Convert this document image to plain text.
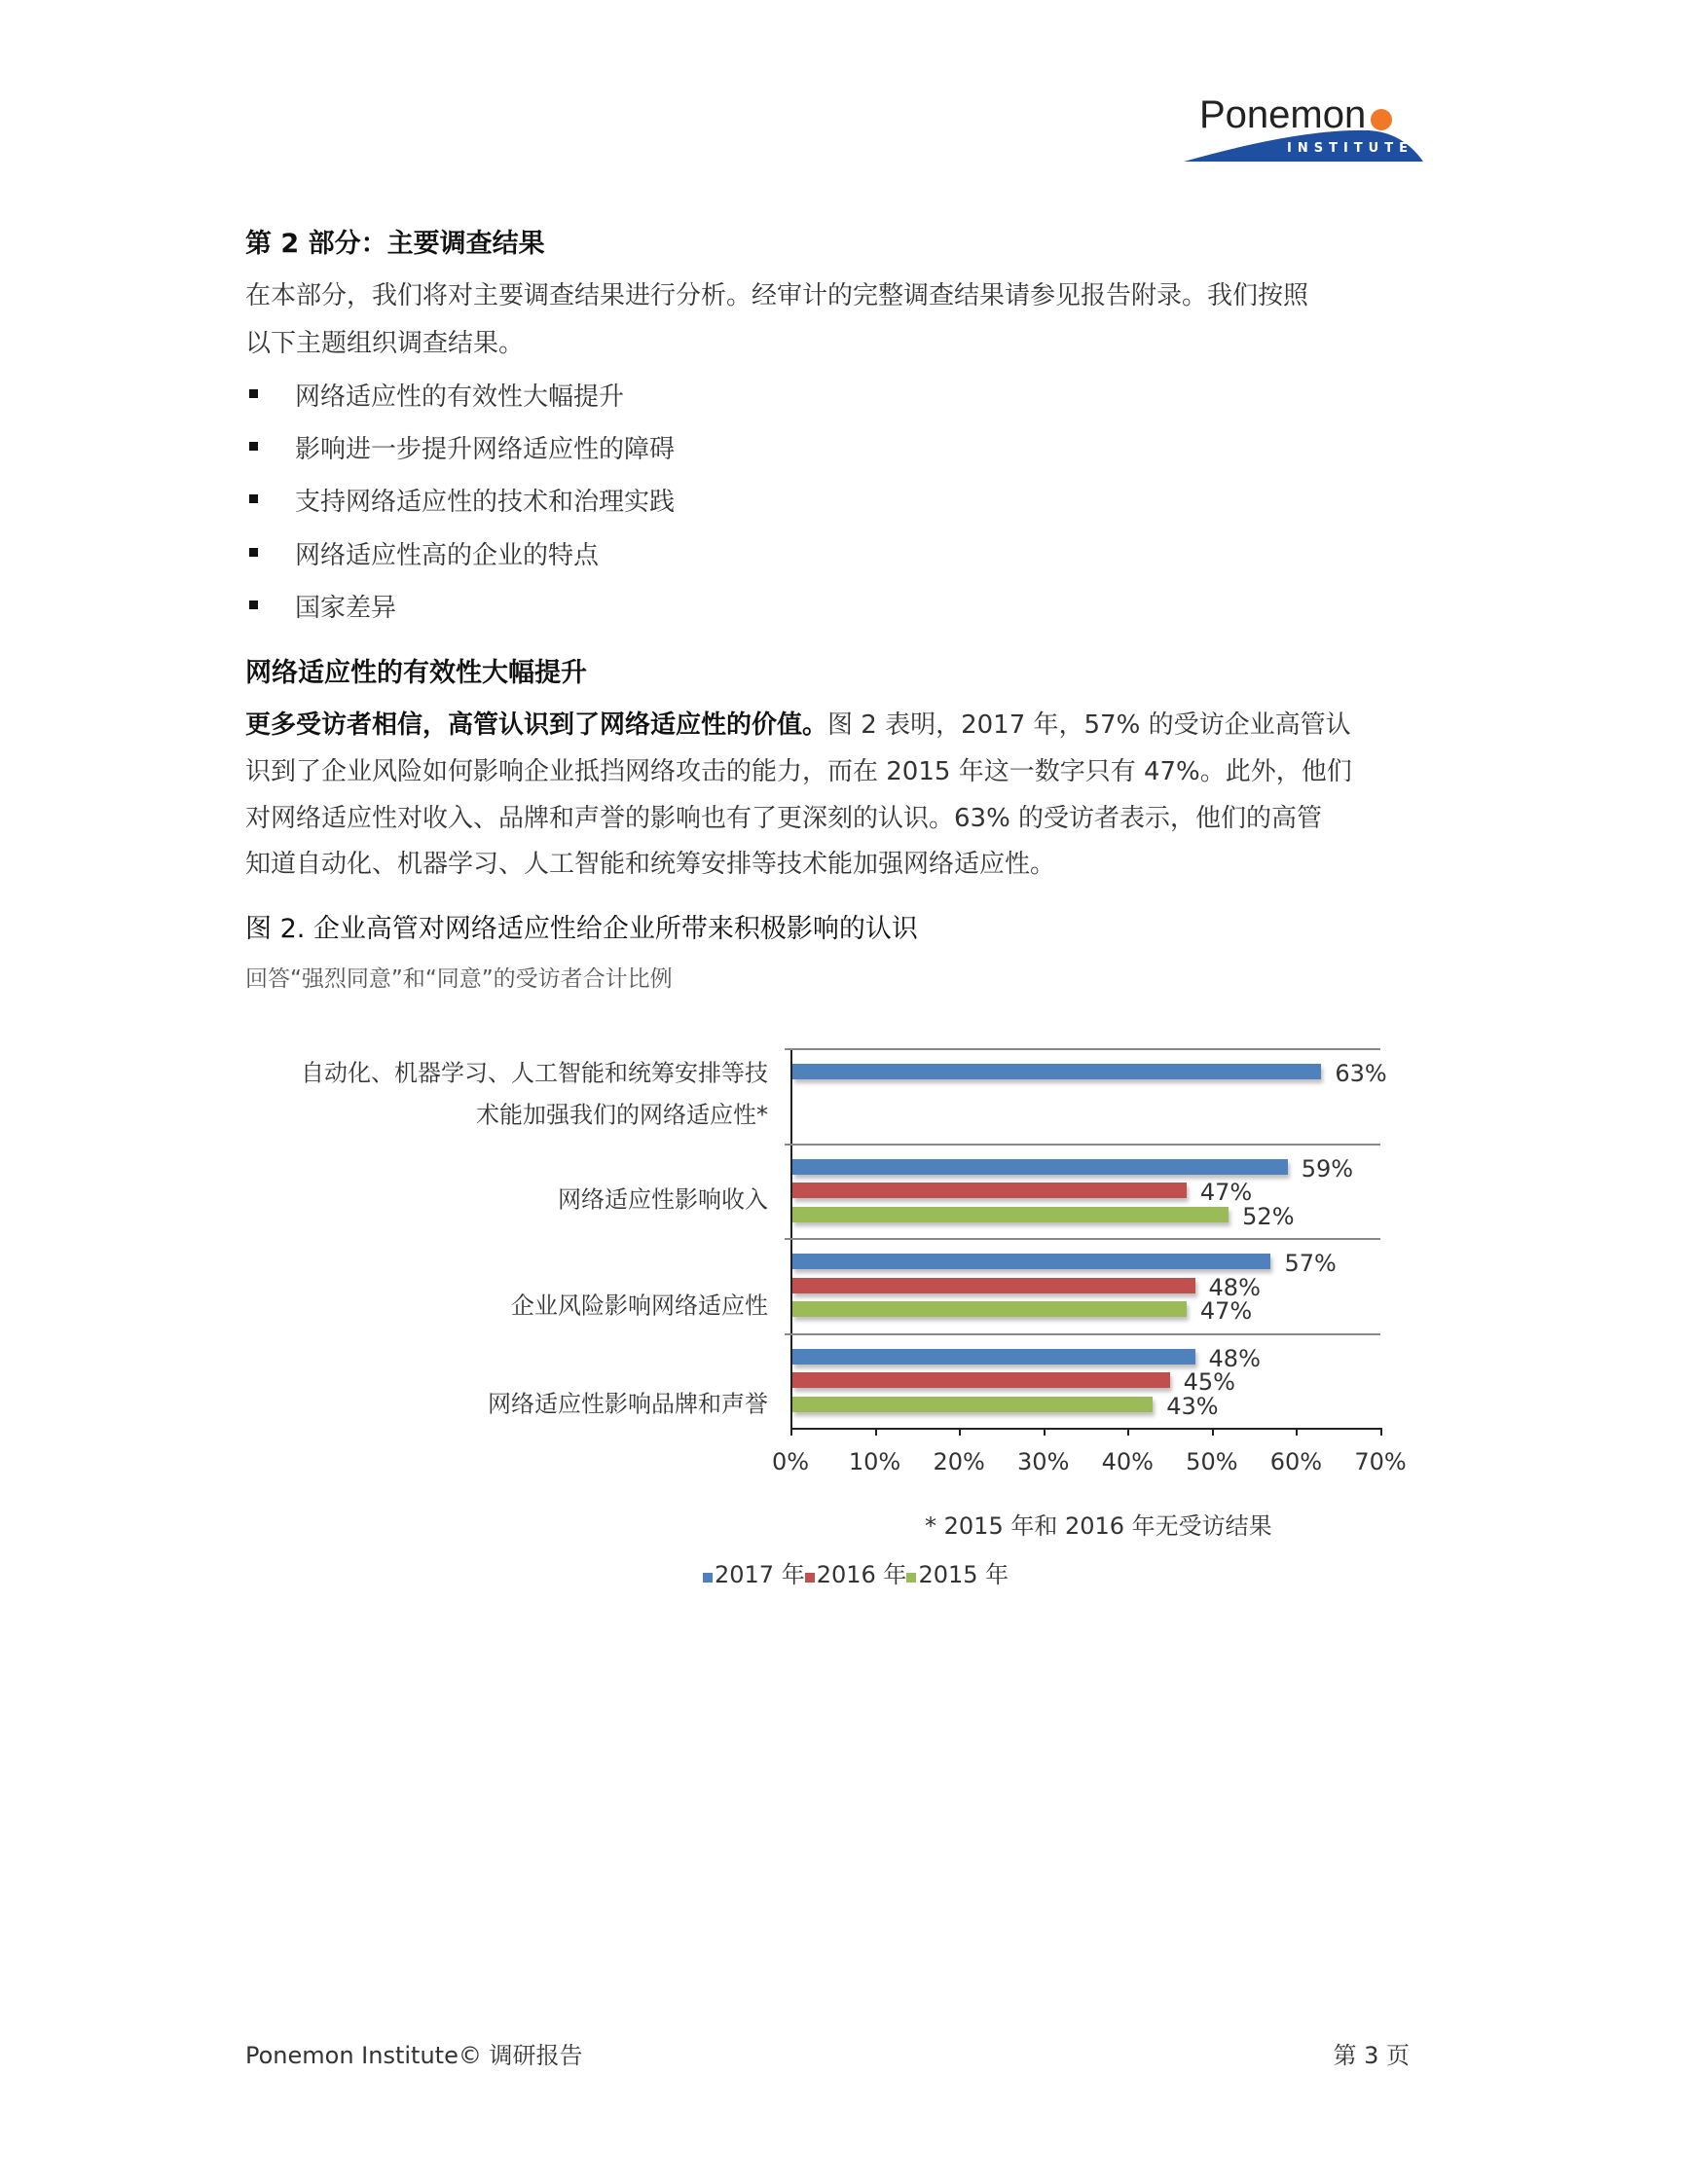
Ponemon
INSTITUTE
第 2 部分：主要调查结果
在本部分，我们将对主要调查结果进行分析。经审计的完整调查结果请参见报告附录。我们按照
以下主题组织调查结果。
网络适应性的有效性大幅提升
影响进一步提升网络适应性的障碍
支持网络适应性的技术和治理实践
网络适应性高的企业的特点
国家差异
网络适应性的有效性大幅提升
更多受访者相信，高管认识到了网络适应性的价值。图 2 表明，2017 年，57% 的受访企业高管认
识到了企业风险如何影响企业抵挡网络攻击的能力，而在 2015 年这一数字只有 47%。此外，他们
对网络适应性对收入、品牌和声誉的影响也有了更深刻的认识。63% 的受访者表示，他们的高管
知道自动化、机器学习、人工智能和统筹安排等技术能加强网络适应性。
图 2. 企业高管对网络适应性给企业所带来积极影响的认识
回答“强烈同意”和“同意”的受访者合计比例
自动化、机器学习、人工智能和统筹安排等技
术能加强我们的网络适应性*
63%
网络适应性影响收入
59%
47%
52%
企业风险影响网络适应性
57%
48%
47%
网络适应性影响品牌和声誉
48%
45%
43%
0% 10% 20% 30% 40% 50% 60% 70%
* 2015 年和 2016 年无受访结果
2017 年 2016 年 2015 年
Ponemon Institute© 调研报告	第 3 页
